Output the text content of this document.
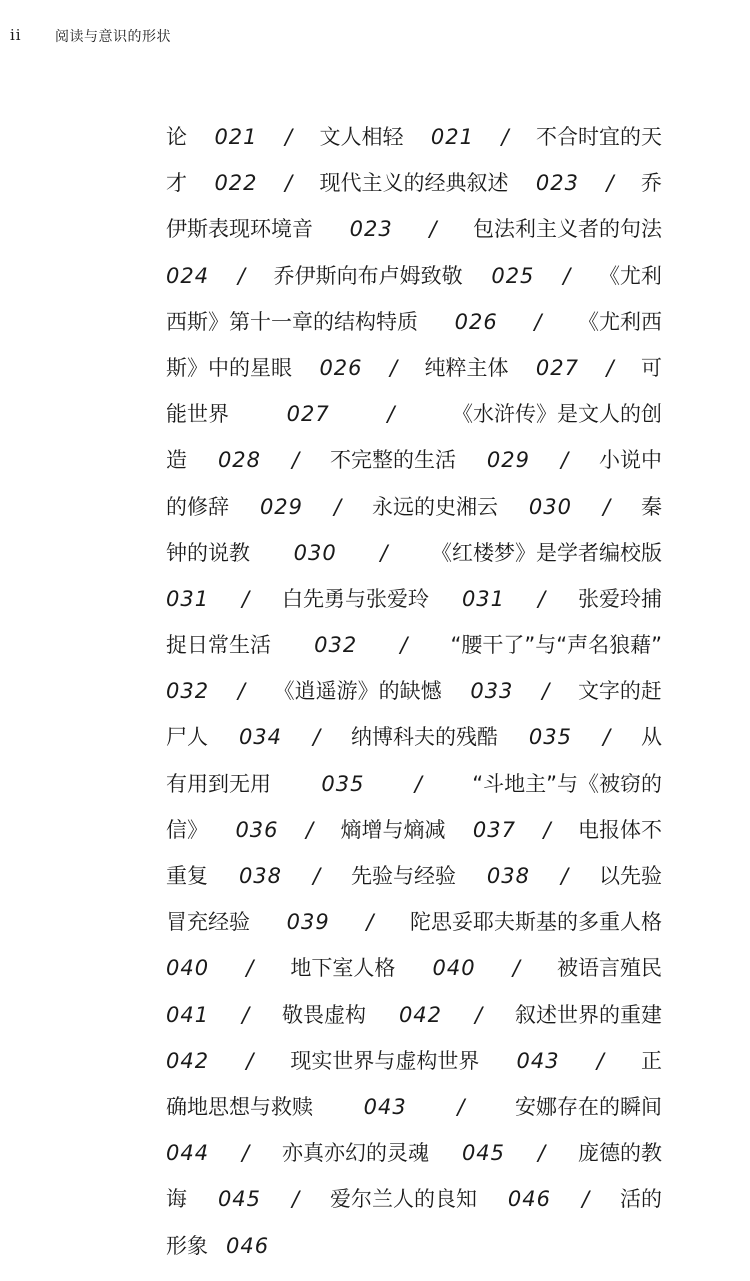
ii 阅读与意识的形状
论 021 / 文人相轻 021 / 不合时宜的天
才 022 / 现代主义的经典叙述 023 / 乔
伊斯表现环境音 023 / 包法利主义者的句法
024 / 乔伊斯向布卢姆致敬 025 / 《尤利
西斯》第十一章的结构特质 026 / 《尤利西
斯》中的星眼 026 / 纯粹主体 027 / 可
能世界	027	/	《水浒传》是文人的创
造 028 / 不完整的生活 029 / 小说中
的修辞 029 / 永远的史湘云 030 / 秦
钟的说教 030 / 《红楼梦》是学者编校版
031 / 白先勇与张爱玲 031 / 张爱玲捕
捉日常生活 032 / “腰干了”与“声名狼藉”
032 / 《逍遥游》的缺憾 033 / 文字的赶
尸人 034 / 纳博科夫的残酷 035 / 从
有用到无用 035 / “斗地主”与《被窃的
信》 036 / 熵增与熵减 037 / 电报体不
重复 038 / 先验与经验 038 / 以先验
冒充经验 039 / 陀思妥耶夫斯基的多重人格
040 / 地下室人格 040 / 被语言殖民
041 / 敬畏虚构 042 / 叙述世界的重建
042 / 现实世界与虚构世界 043 / 正
确地思想与救赎 043 / 安娜存在的瞬间
044 / 亦真亦幻的灵魂 045 / 庞德的教
诲 045 / 爱尔兰人的良知 046 / 活的
形象 046
